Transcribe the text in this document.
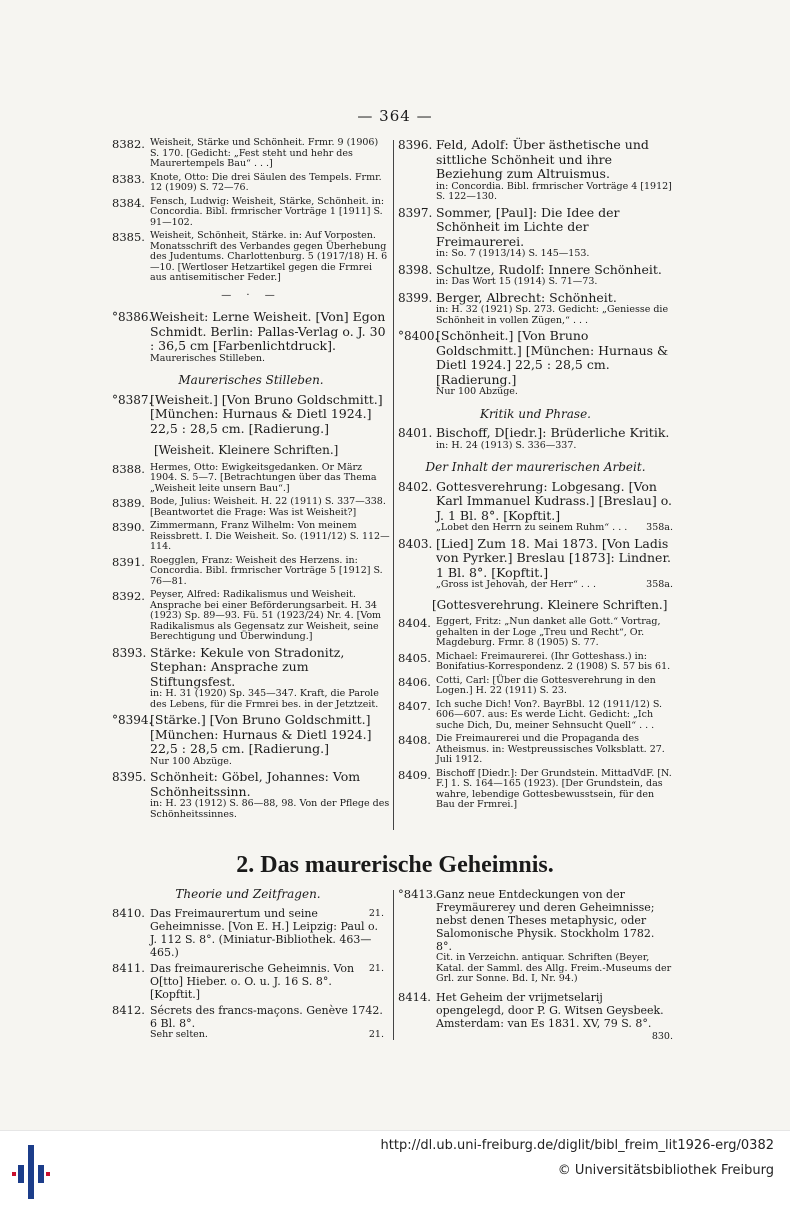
— 364 —
8382. Weisheit, Stärke und Schönheit. Frmr. 9 (1906) S. 170. [Gedicht: „Fest steht und hehr des Maurertempels Bau“ . . .]
8383. Knote, Otto: Die drei Säulen des Tempels. Frmr. 12 (1909) S. 72—76.
8384. Fensch, Ludwig: Weisheit, Stärke, Schönheit. in: Concordia. Bibl. frmrischer Vorträge 1 [1911] S. 91—102.
8385. Weisheit, Schönheit, Stärke. in: Auf Vorposten. Monatsschrift des Verbandes gegen Überhebung des Judentums. Charlottenburg. 5 (1917/18) H. 6—10. [Wertloser Hetzartikel gegen die Frmrei aus antisemitischer Feder.]
— · —
°8386.
Weisheit: Lerne Weisheit. [Von] Egon Schmidt. Berlin: Pallas-Verlag o. J. 30 : 36,5 cm [Farbenlichtdruck].
Maurerisches Stilleben.
Maurerisches Stilleben.
°8387.
[Weisheit.] [Von Bruno Goldschmitt.] [München: Hurnaus & Dietl 1924.] 22,5 : 28,5 cm. [Radierung.]
[Weisheit. Kleinere Schriften.]
8388. Hermes, Otto: Ewigkeitsgedanken. Or März 1904. S. 5—7. [Betrachtungen über das Thema „Weisheit leite unsern Bau“.]
8389. Bode, Julius: Weisheit. H. 22 (1911) S. 337—338. [Beantwortet die Frage: Was ist Weisheit?]
8390. Zimmermann, Franz Wilhelm: Von meinem Reissbrett. I. Die Weisheit. So. (1911/12) S. 112—114.
8391. Roegglen, Franz: Weisheit des Herzens. in: Concordia. Bibl. frmrischer Vorträge 5 [1912] S. 76—81.
8392. Peyser, Alfred: Radikalismus und Weisheit. Ansprache bei einer Beförderungsarbeit. H. 34 (1923) Sp. 89—93. Fü. 51 (1923/24) Nr. 4. [Vom Radikalismus als Gegensatz zur Weisheit, seine Berechtigung und Überwindung.]
8393. Stärke: Kekule von Stradonitz, Stephan: Ansprache zum Stiftungsfest.
in: H. 31 (1920) Sp. 345—347. Kraft, die Parole des Lebens, für die Frmrei bes. in der Jetztzeit.
°8394.
[Stärke.] [Von Bruno Goldschmitt.] [München: Hurnaus & Dietl 1924.] 22,5 : 28,5 cm. [Radierung.]
Nur 100 Abzüge.
8395. Schönheit: Göbel, Johannes: Vom Schönheitssinn.
in: H. 23 (1912) S. 86—88, 98. Von der Pflege des Schönheitssinnes.
8396. Feld, Adolf: Über ästhetische und sittliche Schönheit und ihre Beziehung zum Altruismus.
in: Concordia. Bibl. frmrischer Vorträge 4 [1912] S. 122—130.
8397. Sommer, [Paul]: Die Idee der Schönheit im Lichte der Freimaurerei.
in: So. 7 (1913/14) S. 145—153.
8398. Schultze, Rudolf: Innere Schönheit.
in: Das Wort 15 (1914) S. 71—73.
8399. Berger, Albrecht: Schönheit.
in: H. 32 (1921) Sp. 273. Gedicht: „Geniesse die Schönheit in vollen Zügen,“ . . .
°8400.
[Schönheit.] [Von Bruno Goldschmitt.] [München: Hurnaus & Dietl 1924.] 22,5 : 28,5 cm. [Radierung.]
Nur 100 Abzüge.
Kritik und Phrase.
8401. Bischoff, D[iedr.]: Brüderliche Kritik.
in: H. 24 (1913) S. 336—337.
Der Inhalt der maurerischen Arbeit.
8402. Gottesverehrung: Lobgesang. [Von Karl Immanuel Kudrass.] [Breslau] o. J. 1 Bl. 8°. [Kopftit.]
358a.
„Lobet den Herrn zu seinem Ruhm“ . . .
8403. [Lied] Zum 18. Mai 1873. [Von Ladis von Pyrker.] Breslau [1873]: Lindner. 1 Bl. 8°. [Kopftit.]
358a.
„Gross ist Jehovah, der Herr“ . . .
[Gottesverehrung. Kleinere Schriften.]
8404. Eggert, Fritz: „Nun danket alle Gott.“ Vortrag, gehalten in der Loge „Treu und Recht“, Or. Magdeburg. Frmr. 8 (1905) S. 77.
8405. Michael: Freimaurerei. (Ihr Gotteshass.) in: Bonifatius-Korrespondenz. 2 (1908) S. 57 bis 61.
8406. Cotti, Carl: [Über die Gottesverehrung in den Logen.] H. 22 (1911) S. 23.
8407. Ich suche Dich! Von?. BayrBbl. 12 (1911/12) S. 606—607. aus: Es werde Licht. Gedicht: „Ich suche Dich, Du, meiner Sehnsucht Quell“ . . .
8408. Die Freimaurerei und die Propaganda des Atheismus. in: Westpreussisches Volksblatt. 27. Juli 1912.
8409. Bischoff [Diedr.]: Der Grundstein. MittadVdF. [N. F.] 1. S. 164—165 (1923). [Der Grundstein, das wahre, lebendige Gottesbewusstsein, für den Bau der Frmrei.]
2. Das maurerische Geheimnis.
Theorie und Zeitfragen.
8410.	21.
Das Freimaurertum und seine Geheimnisse. [Von E. H.] Leipzig: Paul o. J. 112 S. 8°. (Miniatur-Bibliothek. 463—465.)
8411.	21.
Das freimaurerische Geheimnis. Von O[tto] Hieber. o. O. u. J. 16 S. 8°. [Kopftit.]
8412. Sécrets des francs-maçons. Genève 1742. 6 Bl. 8°.
21.
Sehr selten.
°8413. Ganz neue Entdeckungen von der Freymäurerey und deren Geheimnisse; nebst denen Theses metaphysic, oder Salomonische Physik. Stockholm 1782. 8°.
Cit. in Verzeichn. antiquar. Schriften (Beyer, Katal. der Samml. des Allg. Freim.-Museums der Grl. zur Sonne. Bd. I, Nr. 94.)
8414. Het Geheim der vrijmetselarij opengelegd, door P. G. Witsen Geysbeek. Amsterdam: van Es 1831. XV, 79 S. 8°.
830.
http://dl.ub.uni-freiburg.de/diglit/bibl_freim_lit1926-erg/0382
© Universitätsbibliothek Freiburg
